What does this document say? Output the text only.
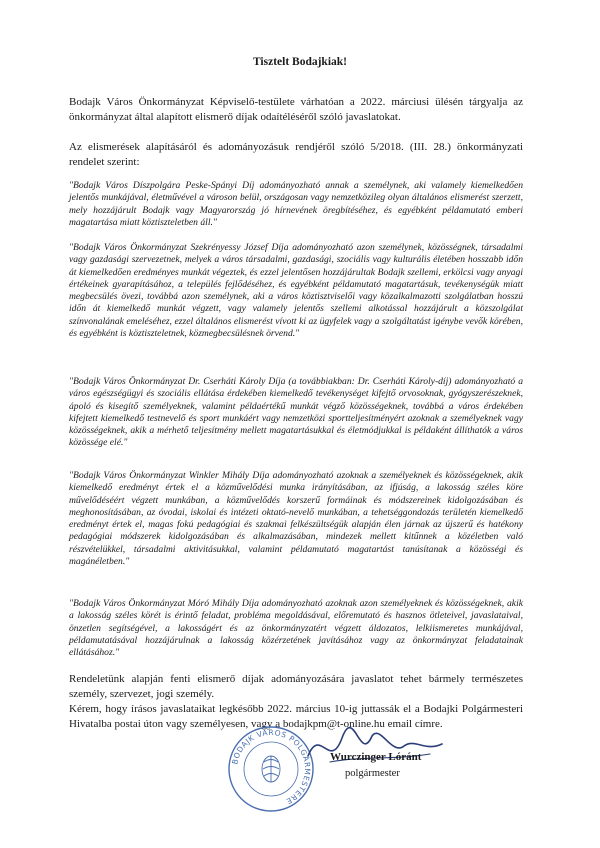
Tisztelt Bodajkiak!

Bodajk Város Önkormányzat Képviselő-testülete várhatóan a 2022. márciusi ülésén tárgyalja az önkormányzat által alapított elismerő díjak odaítéléséről szóló javaslatokat.

Az elismerések alapításáról és adományozásuk rendjéről szóló 5/2018. (III. 28.) önkormányzati rendelet szerint:

"Bodajk Város Díszpolgára Peske-Spányi Díj adományozható annak a személynek, aki valamely kiemelkedően jelentős munkájával, életművével a városon belül, országosan vagy nemzetközileg olyan általános elismerést szerzett, mely hozzájárult Bodajk vagy Magyarország jó hírnevének öregbítéséhez, és egyébként példamutató emberi magatartása miatt köztiszteletben áll."

"Bodajk Város Önkormányzat Szekrényessy József Díja adományozható azon személynek, közösségnek, társadalmi vagy gazdasági szervezetnek, melyek a város társadalmi, gazdasági, szociális vagy kulturális életében hosszabb időn át kiemelkedően eredményes munkát végeztek, és ezzel jelentősen hozzájárultak Bodajk szellemi, erkölcsi vagy anyagi értékeinek gyarapításához, a település fejlődéséhez, és egyébként példamutató magatartásuk, tevékenységük miatt megbecsülés övezi, továbbá azon személynek, aki a város köztisztviselői vagy közalkalmazotti szolgálatban hosszú időn át kiemelkedő munkát végzett, vagy valamely jelentős szellemi alkotással hozzájárult a közszolgálat színvonalának emeléséhez, ezzel általános elismerést vívott ki az ügyfelek vagy a szolgáltatást igénybe vevők körében, és egyébként is köztiszteletnek, közmegbecsülésnek örvend."

"Bodajk Város Önkormányzat Dr. Cserháti Károly Díja (a továbbiakban: Dr. Cserháti Károly-díj) adományozható a város egészségügyi és szociális ellátása érdekében kiemelkedő tevékenységet kifejtő orvosoknak, gyógyszerészeknek, ápoló és kisegítő személyeknek, valamint példaértékű munkát végző közösségeknek, továbbá a város érdekében kifejtett kiemelkedő testnevelő és sport munkáért vagy nemzetközi sportteljesítményért azoknak a személyeknek vagy közösségeknek, akik a mérhető teljesítmény mellett magatartásukkal és életmódjukkal is példaként állíthatók a város közössége elé."

"Bodajk Város Önkormányzat Winkler Mihály Díja adományozható azoknak a személyeknek és közösségeknek, akik kiemelkedő eredményt értek el a közművelődési munka irányításában, az ifjúság, a lakosság széles köre művelődéséért végzett munkában, a közművelődés korszerű formáinak és módszereinek kidolgozásában és meghonosításában, az óvodai, iskolai és intézeti oktató-nevelő munkában, a tehetséggondozás területén kiemelkedő eredményt értek el, magas fokú pedagógiai és szakmai felkészültségük alapján élen járnak az újszerű és hatékony pedagógiai módszerek kidolgozásában és alkalmazásában, mindezek mellett kitűnnek a közéletben való részvételükkel, társadalmi aktivitásukkal, valamint példamutató magatartást tanúsítanak a közösségi és magánéletben."

"Bodajk Város Önkormányzat Móró Mihály Díja adományozható azoknak azon személyeknek és közösségeknek, akik a lakosság széles körét is érintő feladat, probléma megoldásával, előremutató és hasznos ötleteivel, javaslataival, önzetlen segítségével, a lakosságért és az önkormányzatért végzett áldozatos, lelkiismeretes munkájával, példamutatásával hozzájárulnak a lakosság közérzetének javításához vagy az önkormányzat feladatainak ellátásához."

Rendeletünk alapján fenti elismerő díjak adományozására javaslatot tehet bármely természetes személy, szervezet, jogi személy.

Kérem, hogy írásos javaslataikat legkésőbb 2022. március 10-ig juttassák el a Bodajki Polgármesteri Hivatalba postai úton vagy személyesen, vagy a bodajkpm@t-online.hu email címre.

BODAJK VÁROS POLGÁRMESTERE
Wurczinger Lóránt
polgármester
